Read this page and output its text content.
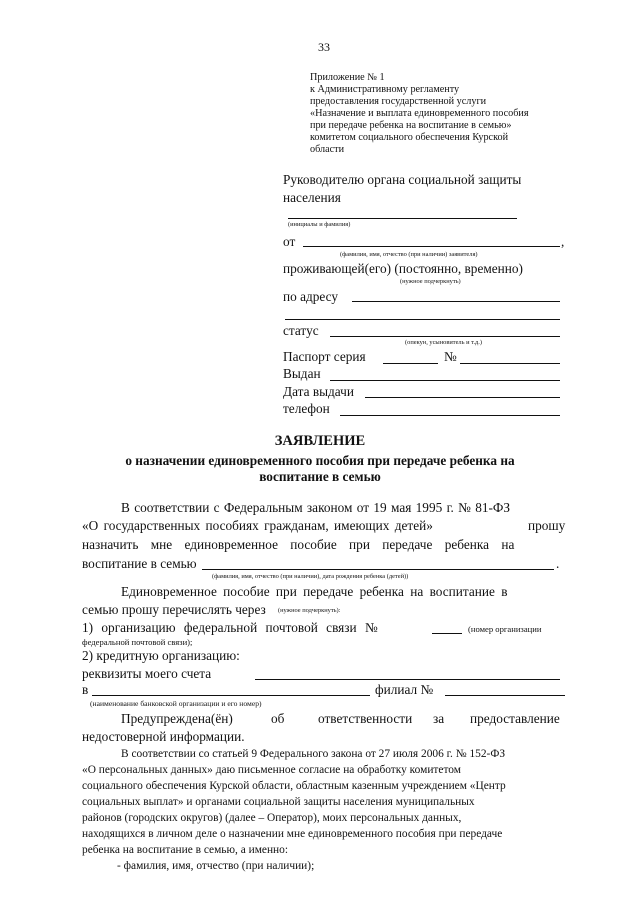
33
Приложение № 1
к Административному регламенту
предоставления государственной услуги
«Назначение и выплата единовременного пособия
при передаче ребенка на воспитание в семью»
комитетом социального обеспечения Курской
области
Руководителю органа социальной защиты
населения
(инициалы и фамилия)
от	,
(фамилия, имя, отчество (при наличии) заявителя)
проживающей(его) (постоянно, временно)
(нужное подчеркнуть)
по адресу
статус
(опекун, усыновитель и т.д.)
Паспорт серия	№
Выдан
Дата выдачи
телефон
ЗАЯВЛЕНИЕ
о назначении единовременного пособия при передаче ребенка на
воспитание в семью
В соответствии с Федеральным законом от 19 мая 1995 г. № 81-ФЗ
«О государственных пособиях гражданам, имеющих детей»	прошу
назначить мне единовременное пособие при передаче ребенка на
воспитание в семью	.
(фамилия, имя, отчество (при наличии), дата рождения ребенка (детей))
Единовременное пособие при передаче ребенка на воспитание в
семью прошу перечислять через (нужное подчеркнуть):
1) организацию федеральной почтовой связи №	(номер организации
федеральной почтовой связи);
2) кредитную организацию:
реквизиты моего счета
в	филиал №
(наименование банковской организации и его номер)
Предупреждена(ён)	об	ответственности за предоставление
недостоверной информации.
В соответствии со статьей 9 Федерального закона от 27 июля 2006 г. № 152-ФЗ
«О персональных данных» даю письменное согласие на обработку комитетом
социального обеспечения Курской области, областным казенным учреждением «Центр
социальных выплат» и органами социальной защиты населения муниципальных
районов (городских округов) (далее – Оператор), моих персональных данных,
находящихся в личном деле о назначении мне единовременного пособия при передаче
ребенка на воспитание в семью, а именно:
- фамилия, имя, отчество (при наличии);
